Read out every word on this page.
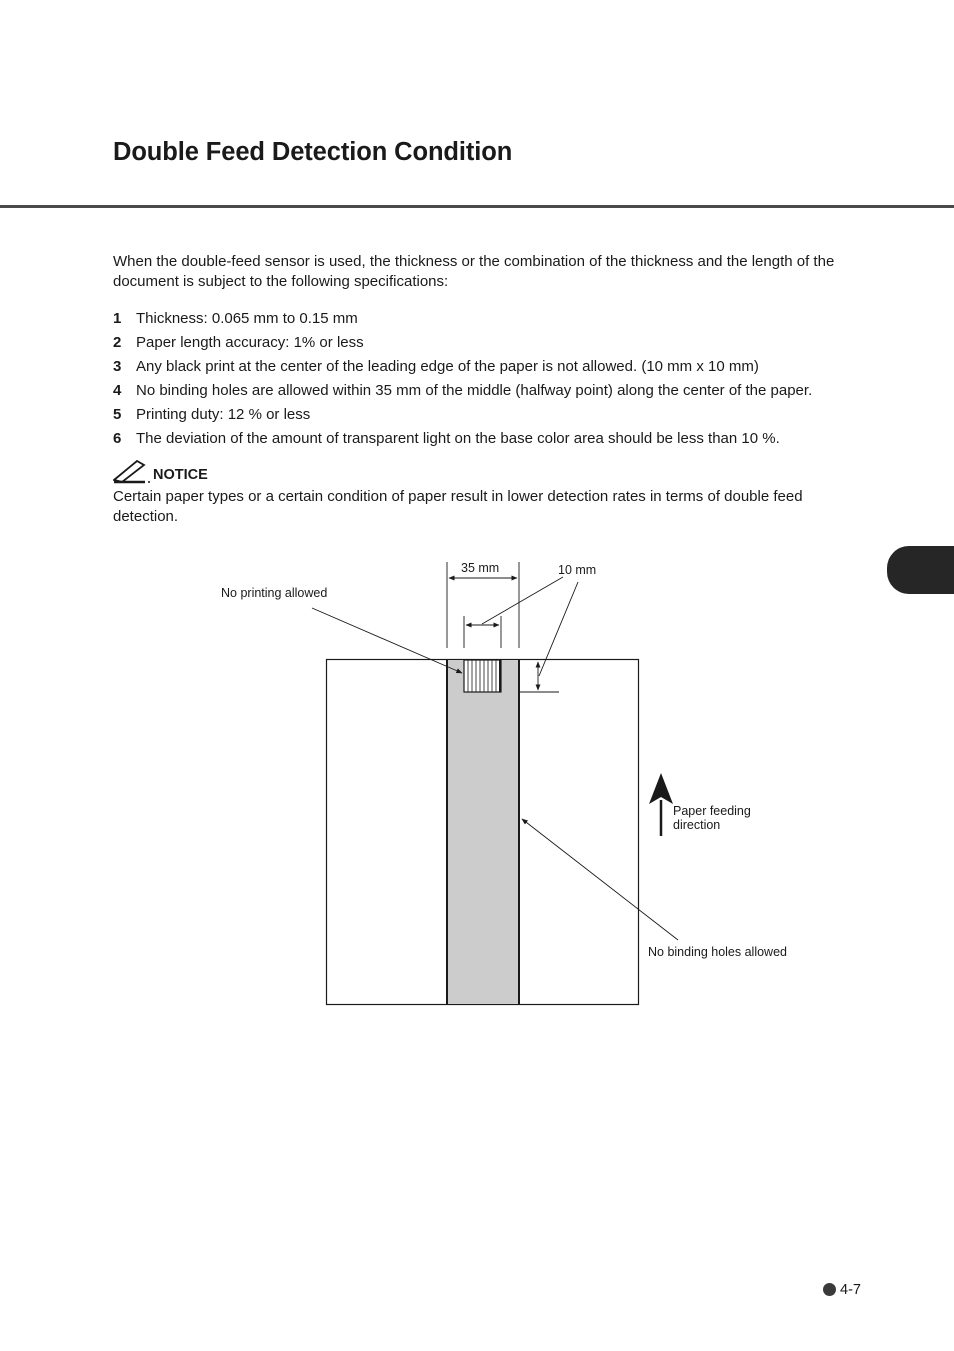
Double Feed Detection Condition

When the double-feed sensor is used, the thickness or the combination of the thickness and the length of the document is subject to the following specifications:

1 Thickness: 0.065 mm to 0.15 mm
2 Paper length accuracy: 1% or less
3 Any black print at the center of the leading edge of the paper is not allowed. (10 mm x 10 mm)
4 No binding holes are allowed within 35 mm of the middle (halfway point) along the center of the paper.
5 Printing duty: 12 % or less
6 The deviation of the amount of transparent light on the base color area should be less than 10 %.
NOTICE

Certain paper types or a certain condition of paper result in lower detection rates in terms of double feed detection.

35 mm	10 mm
No printing allowed
Paper feeding direction
No binding holes allowed
4-7
